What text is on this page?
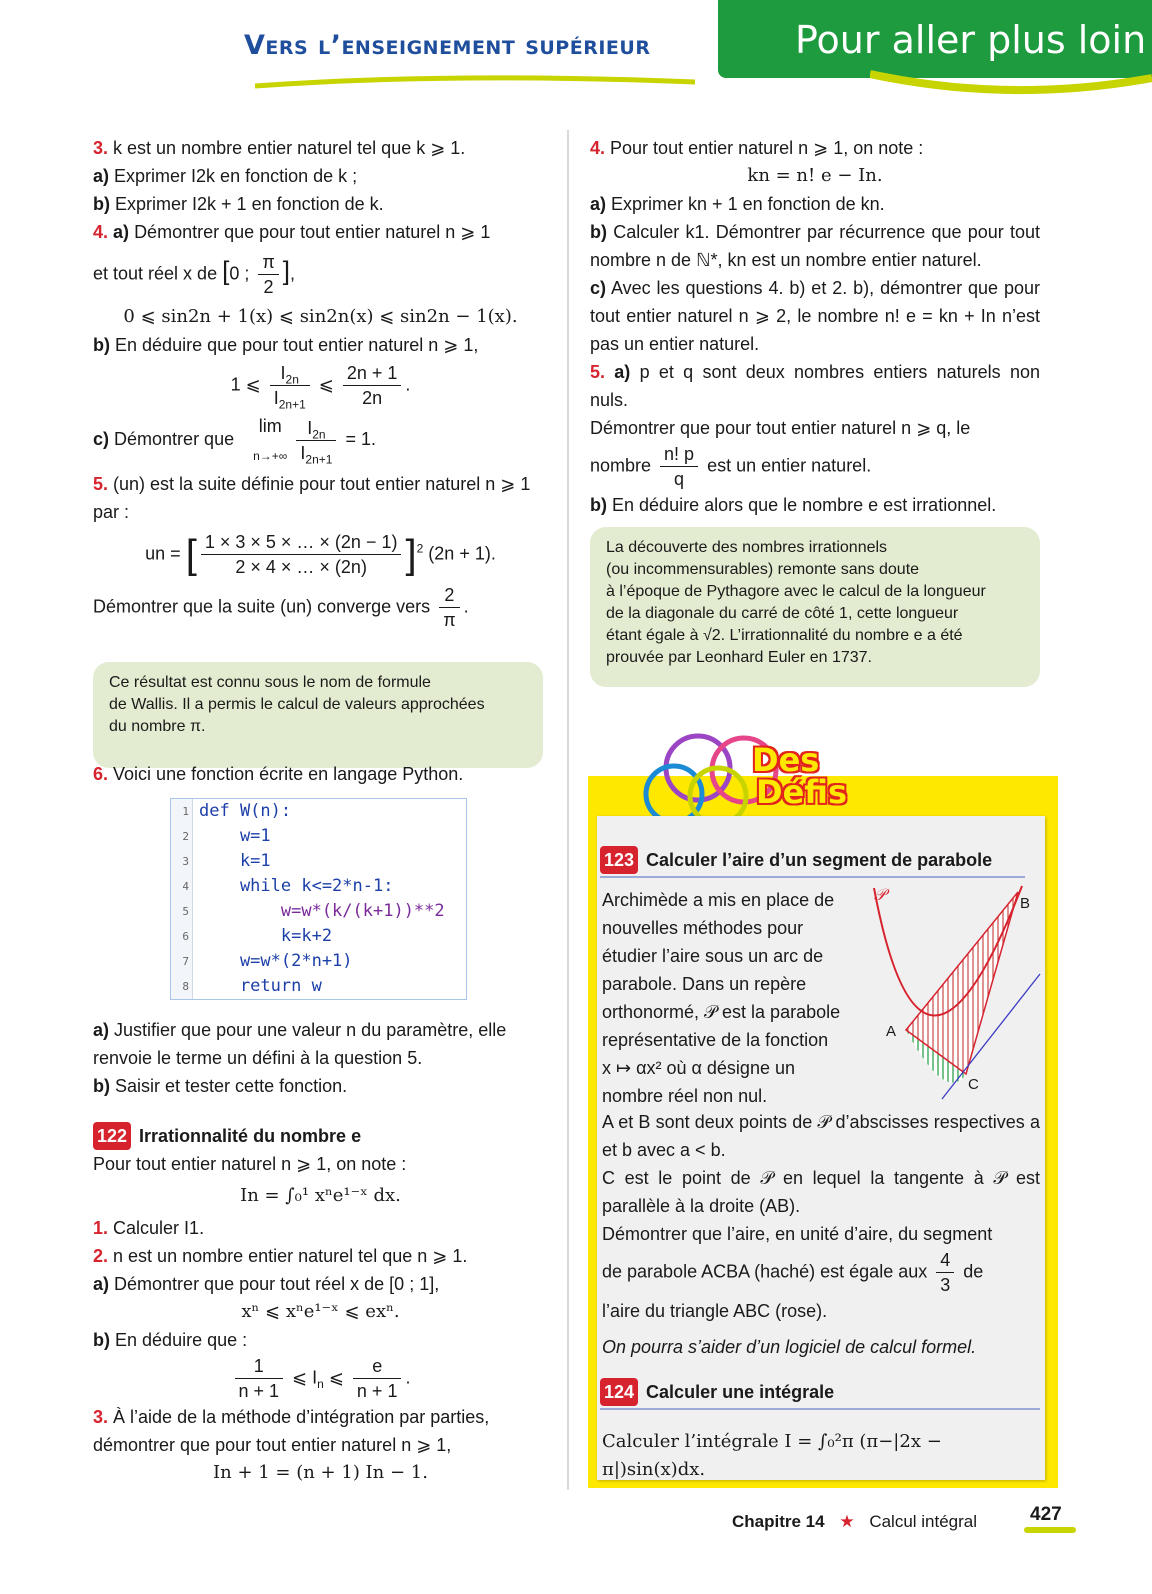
Vers l’enseignement supérieur	Pour aller plus loin
3. k est un nombre entier naturel tel que k ⩾ 1.
a) Exprimer I2k en fonction de k ;
b) Exprimer I2k + 1 en fonction de k.
4. a) Démontrer que pour tout entier naturel n ⩾ 1
et tout réel x de [0 ; $\frac{\pi}{2}$ ],
0 ⩽ sin2n + 1(x) ⩽ sin2n(x) ⩽ sin2n − 1(x).
b) En déduire que pour tout entier naturel n ⩾ 1,
1 ⩽ $\frac{I_{2n}}{I_{2n+1}}$ ⩽ $\frac{2n + 1}{2n}$ .
c) Démontrer que lim
$n\to+\infty \frac{I_{2n}}{I_{2n+1}} = 1$.
5. (un) est la suite définie pour tout entier naturel n ⩾ 1 par :
un = [ $\frac{1 \times 3 \times 5 \times \dots \times (2n - 1)}{2 \times 4 \times \dots \times (2n)} ]^2$ (2n + 1).
Démontrer que la suite (un) converge vers $\frac{2}{\pi}$ .
Ce résultat est connu sous le nom de formule
de Wallis. Il a permis le calcul de valeurs approchées
du nombre π.
6. Voici une fonction écrite en langage Python.
1 def W(n):
2 w=1
3 k=1
4 while k<=2*n-1:
5 w=w*(k/(k+1))**2
6 k=k+2
7 w=w*(2*n+1)
8 return w
a) Justifier que pour une valeur n du paramètre, elle renvoie le terme un défini à la question 5.
b) Saisir et tester cette fonction.
122 Irrationnalité du nombre e
Pour tout entier naturel n ⩾ 1, on note :
In = ∫₀¹ xⁿe¹⁻ˣ dx.
1. Calculer I1.
2. n est un nombre entier naturel tel que n ⩾ 1.
a) Démontrer que pour tout réel x de [0 ; 1],
xⁿ ⩽ xⁿe¹⁻ˣ ⩽ exⁿ.
b) En déduire que :
$\frac{1}{n + 1}$ ⩽ $I_n$ ⩽ $\frac{e}{n + 1}$ .
3. À l’aide de la méthode d’intégration par parties, démontrer que pour tout entier naturel n ⩾ 1,
In + 1 = (n + 1) In − 1.
4. Pour tout entier naturel n ⩾ 1, on note :
kn = n! e − In.
a) Exprimer kn + 1 en fonction de kn.
b) Calculer k1. Démontrer par récurrence que pour tout nombre n de ℕ*, kn est un nombre entier naturel.
c) Avec les questions 4. b) et 2. b), démontrer que pour tout entier naturel n ⩾ 2, le nombre n! e = kn + In n’est pas un entier naturel.
5. a) p et q sont deux nombres entiers naturels non nuls.
Démontrer que pour tout entier naturel n ⩾ q, le
nombre $\frac{n! p}{q}$ est un entier naturel.
b) En déduire alors que le nombre e est irrationnel.
La découverte des nombres irrationnels
(ou incommensurables) remonte sans doute
à l’époque de Pythagore avec le calcul de la longueur
de la diagonale du carré de côté 1, cette longueur
étant égale à √2. L’irrationnalité du nombre e a été
prouvée par Leonhard Euler en 1737.
Des
Défis
123 Calculer l’aire d’un segment de parabole
Archimède a mis en place de
nouvelles méthodes pour
étudier l’aire sous un arc de
parabole. Dans un repère
orthonormé, 𝒫 est la parabole
représentative de la fonction
x ↦ αx² où α désigne un
nombre réel non nul.
𝒫
A
B
C
A et B sont deux points de 𝒫 d’abscisses respectives a et b avec a < b.
C est le point de 𝒫 en lequel la tangente à 𝒫 est parallèle à la droite (AB).
Démontrer que l’aire, en unité d’aire, du segment
de parabole ACBA (haché) est égale aux $\frac{4}{3}$ de
l’aire du triangle ABC (rose).
On pourra s’aider d’un logiciel de calcul formel.
124 Calculer une intégrale
Calculer l’intégrale I = ∫₀²π (π−|2x − π|)sin(x)dx.
Chapitre 14 ★ Calcul intégral	427
